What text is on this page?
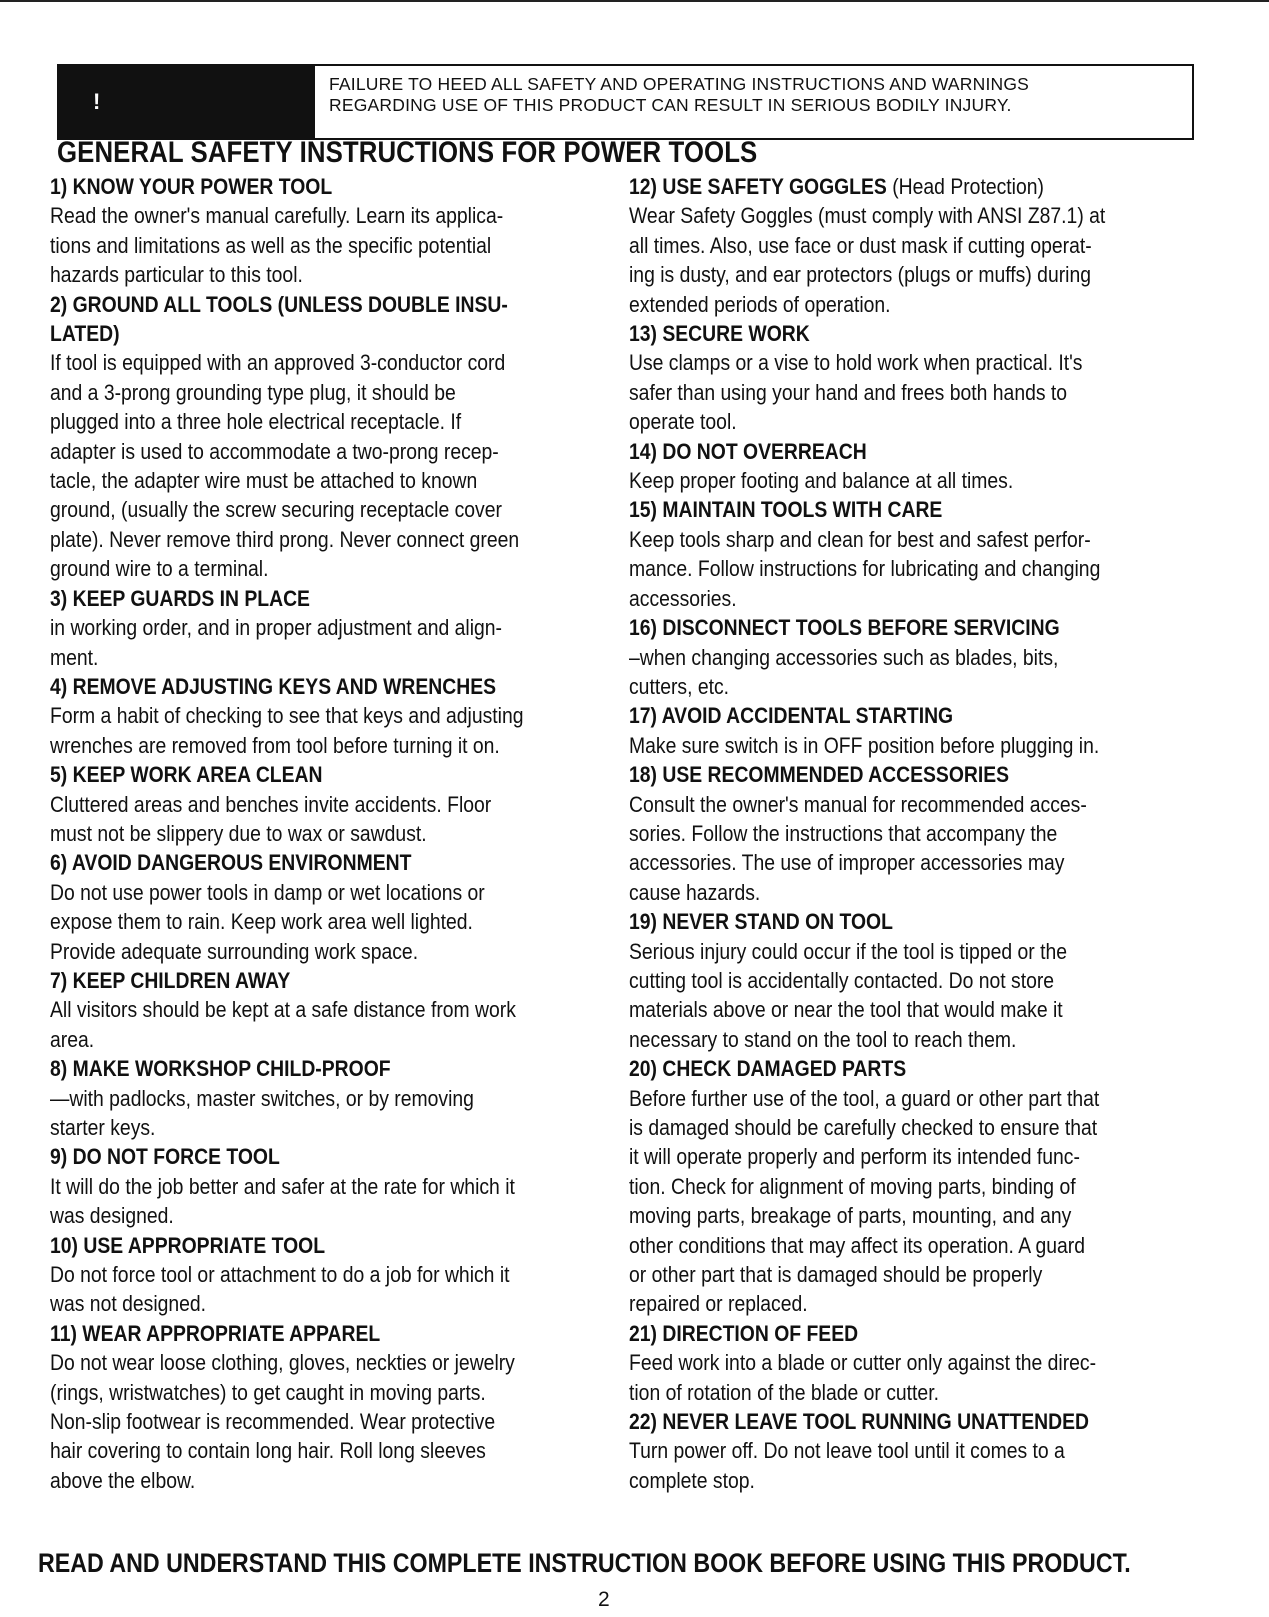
!
FAILURE TO HEED ALL SAFETY AND OPERATING INSTRUCTIONS AND WARNINGS
REGARDING USE OF THIS PRODUCT CAN RESULT IN SERIOUS BODILY INJURY.
GENERAL SAFETY INSTRUCTIONS FOR POWER TOOLS

1) KNOW YOUR POWER TOOL

Read the owner's manual carefully. Learn its applica-

tions and limitations as well as the specific potential

hazards particular to this tool.

2) GROUND ALL TOOLS (UNLESS DOUBLE INSU-

LATED)

If tool is equipped with an approved 3-conductor cord

and a 3-prong grounding type plug, it should be

plugged into a three hole electrical receptacle. If

adapter is used to accommodate a two-prong recep-

tacle, the adapter wire must be attached to known

ground, (usually the screw securing receptacle cover

plate). Never remove third prong. Never connect green

ground wire to a terminal.

3) KEEP GUARDS IN PLACE

in working order, and in proper adjustment and align-

ment.

4) REMOVE ADJUSTING KEYS AND WRENCHES

Form a habit of checking to see that keys and adjusting

wrenches are removed from tool before turning it on.

5) KEEP WORK AREA CLEAN

Cluttered areas and benches invite accidents. Floor

must not be slippery due to wax or sawdust.

6) AVOID DANGEROUS ENVIRONMENT

Do not use power tools in damp or wet locations or

expose them to rain. Keep work area well lighted.

Provide adequate surrounding work space.

7) KEEP CHILDREN AWAY

All visitors should be kept at a safe distance from work

area.

8) MAKE WORKSHOP CHILD-PROOF

—with padlocks, master switches, or by removing

starter keys.

9) DO NOT FORCE TOOL

It will do the job better and safer at the rate for which it

was designed.

10) USE APPROPRIATE TOOL

Do not force tool or attachment to do a job for which it

was not designed.

11) WEAR APPROPRIATE APPAREL

Do not wear loose clothing, gloves, neckties or jewelry

(rings, wristwatches) to get caught in moving parts.

Non-slip footwear is recommended. Wear protective

hair covering to contain long hair. Roll long sleeves

above the elbow.

12) USE SAFETY GOGGLES (Head Protection)

Wear Safety Goggles (must comply with ANSI Z87.1) at

all times. Also, use face or dust mask if cutting operat-

ing is dusty, and ear protectors (plugs or muffs) during

extended periods of operation.

13) SECURE WORK

Use clamps or a vise to hold work when practical. It's

safer than using your hand and frees both hands to

operate tool.

14) DO NOT OVERREACH

Keep proper footing and balance at all times.

15) MAINTAIN TOOLS WITH CARE

Keep tools sharp and clean for best and safest perfor-

mance. Follow instructions for lubricating and changing

accessories.

16) DISCONNECT TOOLS BEFORE SERVICING

–when changing accessories such as blades, bits,

cutters, etc.

17) AVOID ACCIDENTAL STARTING

Make sure switch is in OFF position before plugging in.

18) USE RECOMMENDED ACCESSORIES

Consult the owner's manual for recommended acces-

sories. Follow the instructions that accompany the

accessories. The use of improper accessories may

cause hazards.

19) NEVER STAND ON TOOL

Serious injury could occur if the tool is tipped or the

cutting tool is accidentally contacted. Do not store

materials above or near the tool that would make it

necessary to stand on the tool to reach them.

20) CHECK DAMAGED PARTS

Before further use of the tool, a guard or other part that

is damaged should be carefully checked to ensure that

it will operate properly and perform its intended func-

tion. Check for alignment of moving parts, binding of

moving parts, breakage of parts, mounting, and any

other conditions that may affect its operation. A guard

or other part that is damaged should be properly

repaired or replaced.

21) DIRECTION OF FEED

Feed work into a blade or cutter only against the direc-

tion of rotation of the blade or cutter.

22) NEVER LEAVE TOOL RUNNING UNATTENDED

Turn power off. Do not leave tool until it comes to a

complete stop.

READ AND UNDERSTAND THIS COMPLETE INSTRUCTION BOOK BEFORE USING THIS PRODUCT.

2
